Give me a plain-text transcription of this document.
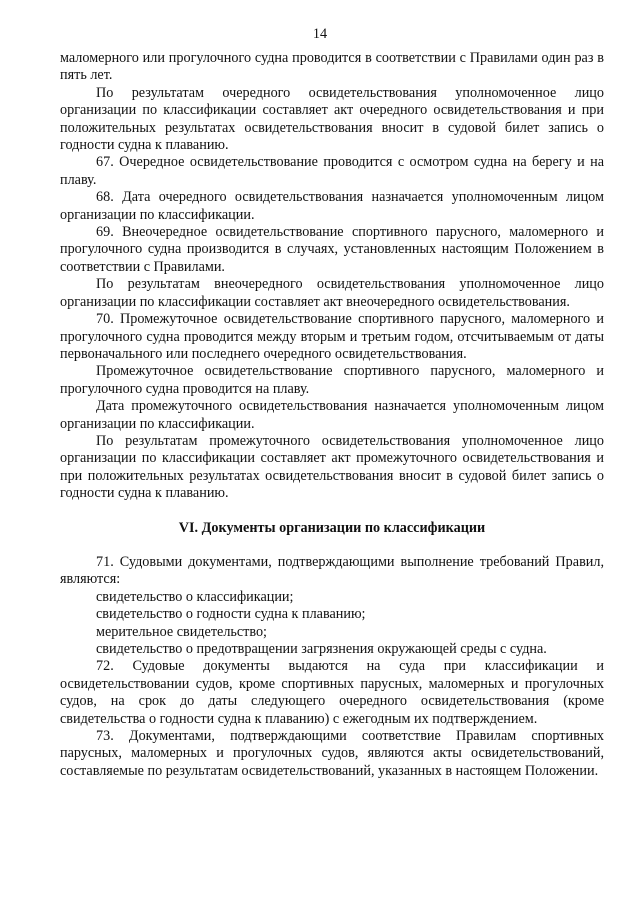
14

маломерного или прогулочного судна проводится в соответствии с Правилами один раз в пять лет.

По результатам очередного освидетельствования уполномоченное лицо организации по классификации составляет акт очередного освидетельствования и при положительных результатах освидетельствования вносит в судовой билет запись о годности судна к плаванию.

67. Очередное освидетельствование проводится с осмотром судна на берегу и на плаву.

68. Дата очередного освидетельствования назначается уполномоченным лицом организации по классификации.

69. Внеочередное освидетельствование спортивного парусного, маломерного и прогулочного судна производится в случаях, установленных настоящим Положением в соответствии с Правилами.

По результатам внеочередного освидетельствования уполномоченное лицо организации по классификации составляет акт внеочередного освидетельствования.

70. Промежуточное освидетельствование спортивного парусного, маломерного и прогулочного судна проводится между вторым и третьим годом, отсчитываемым от даты первоначального или последнего очередного освидетельствования.

Промежуточное освидетельствование спортивного парусного, маломерного и прогулочного судна проводится на плаву.

Дата промежуточного освидетельствования назначается уполномоченным лицом организации по классификации.

По результатам промежуточного освидетельствования уполномоченное лицо организации по классификации составляет акт промежуточного освидетельствования и при положительных результатах освидетельствования вносит в судовой билет запись о годности судна к плаванию.

VI. Документы организации по классификации

71. Судовыми документами, подтверждающими выполнение требований Правил, являются:

свидетельство о классификации;

свидетельство о годности судна к плаванию;

мерительное свидетельство;

свидетельство о предотвращении загрязнения окружающей среды с судна.

72. Судовые документы выдаются на суда при классификации и освидетельствовании судов, кроме спортивных парусных, маломерных и прогулочных судов, на срок до даты следующего очередного освидетельствования (кроме свидетельства о годности судна к плаванию) с ежегодным их подтверждением.

73. Документами, подтверждающими соответствие Правилам спортивных парусных, маломерных и прогулочных судов, являются акты освидетельствований, составляемые по результатам освидетельствований, указанных в настоящем Положении.
